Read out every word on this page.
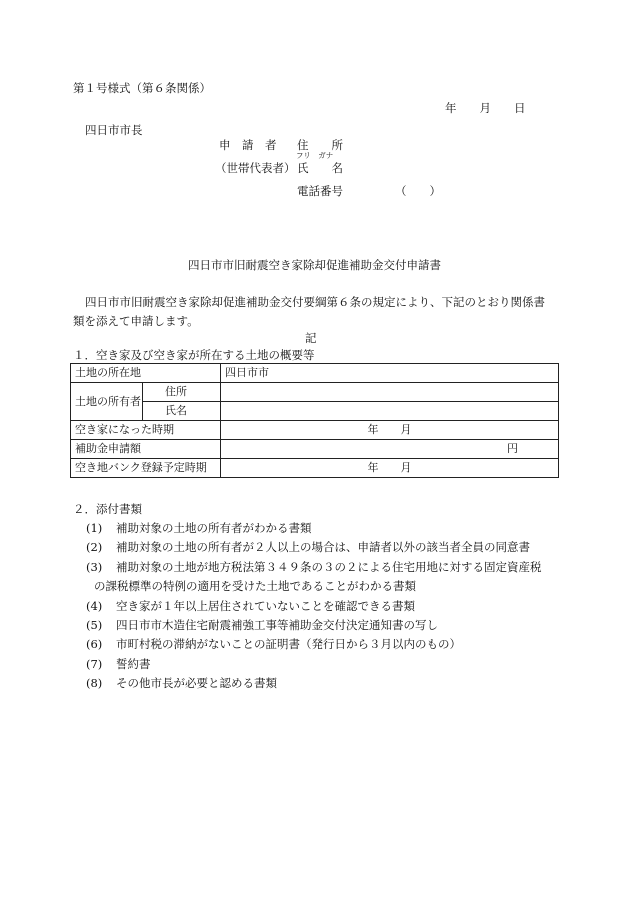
第１号様式（第６条関係）
年　　月　　日
四日市市長
申　請　者 住　　所
フリ　ガナ
（世帯代表者） 氏　　名
電話番号	（　　）
四日市市旧耐震空き家除却促進補助金交付申請書
四日市市旧耐震空き家除却促進補助金交付要綱第６条の規定により、下記のとおり関係書
類を添えて申請します。
記
１．空き家及び空き家が所在する土地の概要等
土地の所在地		四日市市
土地の所有者	住所	
	氏名	
空き家になった時期		年　　月
補助金申請額		円
空き地バンク登録予定時期		年　　月
２．添付書類
(1) 補助対象の土地の所有者がわかる書類
(2) 補助対象の土地の所有者が２人以上の場合は、申請者以外の該当者全員の同意書
(3) 補助対象の土地が地方税法第３４９条の３の２による住宅用地に対する固定資産税
の課税標準の特例の適用を受けた土地であることがわかる書類
(4) 空き家が１年以上居住されていないことを確認できる書類
(5) 四日市市木造住宅耐震補強工事等補助金交付決定通知書の写し
(6) 市町村税の滞納がないことの証明書（発行日から３月以内のもの）
(7) 誓約書
(8) その他市長が必要と認める書類
